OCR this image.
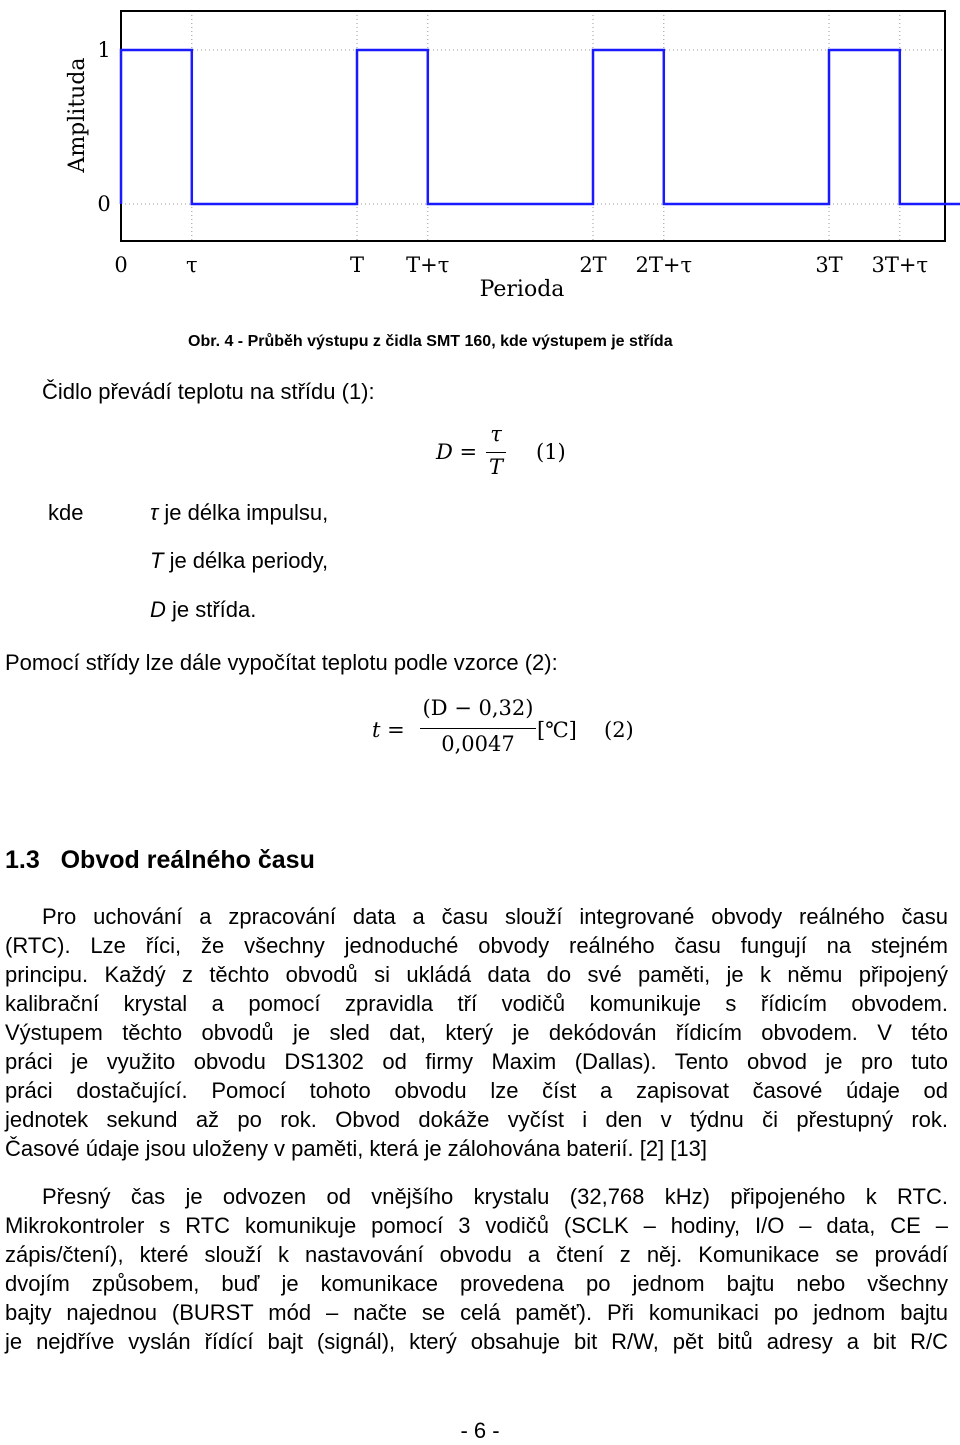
0	τ	T T+τ	2T 2T+τ	3T 3T+τ
0
1
Amplituda
Perioda
Obr. 4 - Průběh výstupu z čidla SMT 160, kde výstupem je střída
Čidlo převádí teplotu na střídu (1):
D =
τ
T
(1)
kde	τ je délka impulsu,
T je délka periody,
D je střída.
Pomocí střídy lze dále vypočítat teplotu podle vzorce (2):
t =
(D − 0,32)
0,0047
[℃] (2)
1.3 Obvod reálného času
Pro uchování a zpracování data a času slouží integrované obvody reálného času
(RTC). Lze říci, že všechny jednoduché obvody reálného času fungují na stejném
principu. Každý z těchto obvodů si ukládá data do své paměti, je k němu připojený
kalibrační krystal a pomocí zpravidla tří vodičů komunikuje s řídicím obvodem.
Výstupem těchto obvodů je sled dat, který je dekódován řídicím obvodem. V této
práci je využito obvodu DS1302 od firmy Maxim (Dallas). Tento obvod je pro tuto
práci dostačující. Pomocí tohoto obvodu lze číst a zapisovat časové údaje od
jednotek sekund až po rok. Obvod dokáže vyčíst i den v týdnu či přestupný rok.
Časové údaje jsou uloženy v paměti, která je zálohována baterií. [2] [13]
Přesný čas je odvozen od vnějšího krystalu (32,768 kHz) připojeného k RTC.
Mikrokontroler s RTC komunikuje pomocí 3 vodičů (SCLK – hodiny, I/O – data, CE –
zápis/čtení), které slouží k nastavování obvodu a čtení z něj. Komunikace se provádí
dvojím způsobem, buď je komunikace provedena po jednom bajtu nebo všechny
bajty najednou (BURST mód – načte se celá paměť). Při komunikaci po jednom bajtu
je nejdříve vyslán řídící bajt (signál), který obsahuje bit R/W, pět bitů adresy a bit R/C
- 6 -
